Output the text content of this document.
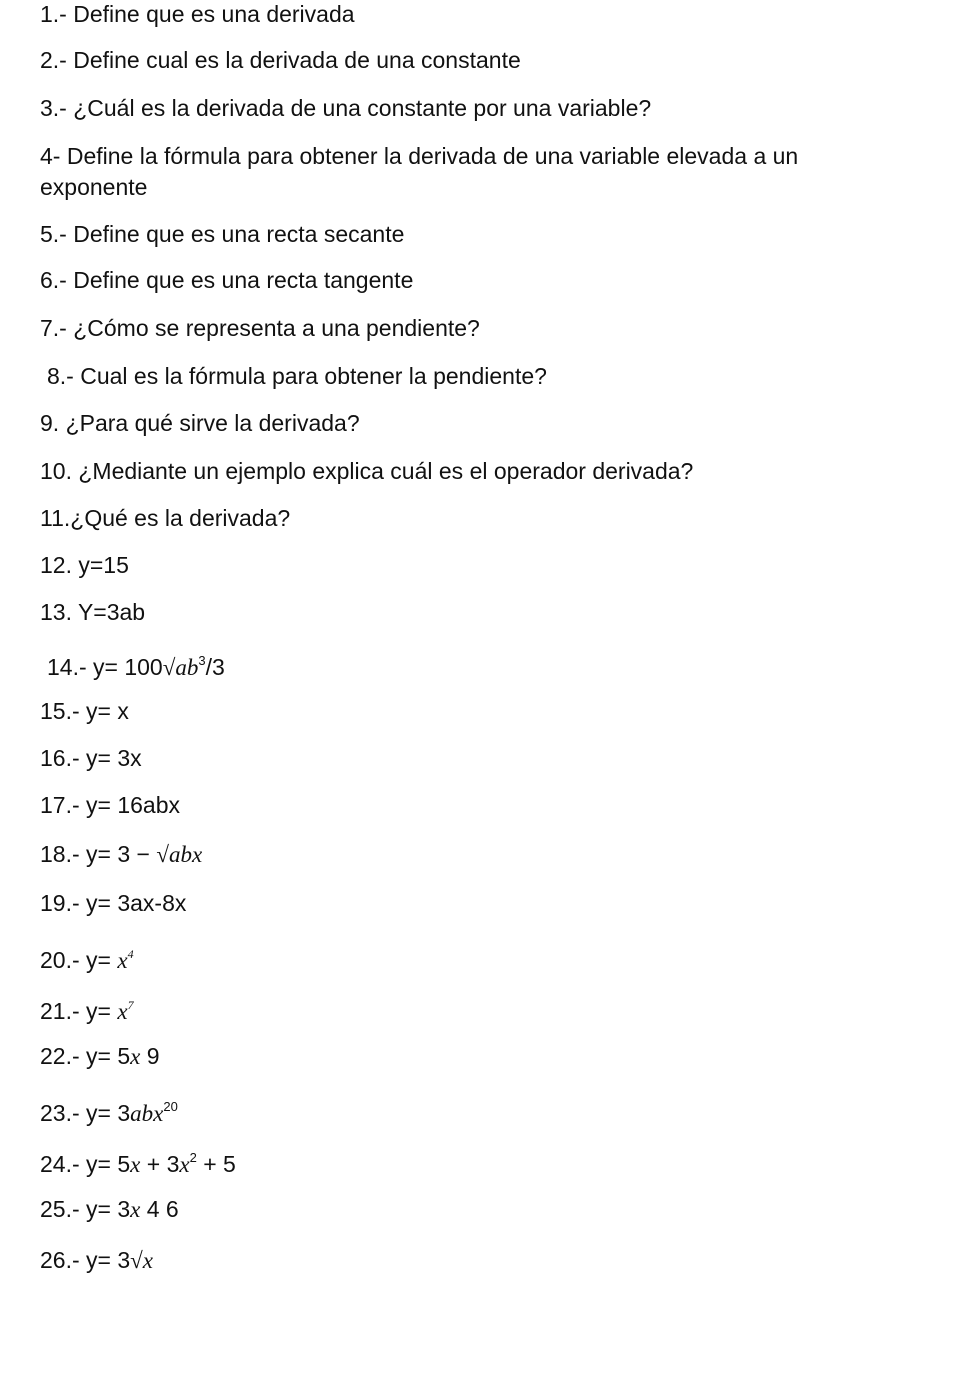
1.- Define que es una derivada
2.- Define cual es la derivada de una constante
3.- ¿Cuál es la derivada de una constante por una variable?
4- Define la fórmula para obtener la derivada de una variable elevada a un
exponente
5.- Define que es una recta secante
6.- Define que es una recta tangente
7.- ¿Cómo se representa a una pendiente?
8.- Cual es la fórmula para obtener la pendiente?
9. ¿Para qué sirve la derivada?
10. ¿Mediante un ejemplo explica cuál es el operador derivada?
11.¿Qué es la derivada?
12. y=15
13. Y=3ab
14.- $y= 100√ab^3/3$
15.- y= x
16.- y= 3x
17.- y= 16abx
18.- y= 3 − √abx
19.- y= 3ax-8x
20.- $y= x^4$
21.- $y= x^7$
22.- y= 5x 9
23.- y= 3abx$^{20}$
24.- $y= 5x + 3x^2 + 5$
25.- y= 3x 4 6
26.- y= 3√x
